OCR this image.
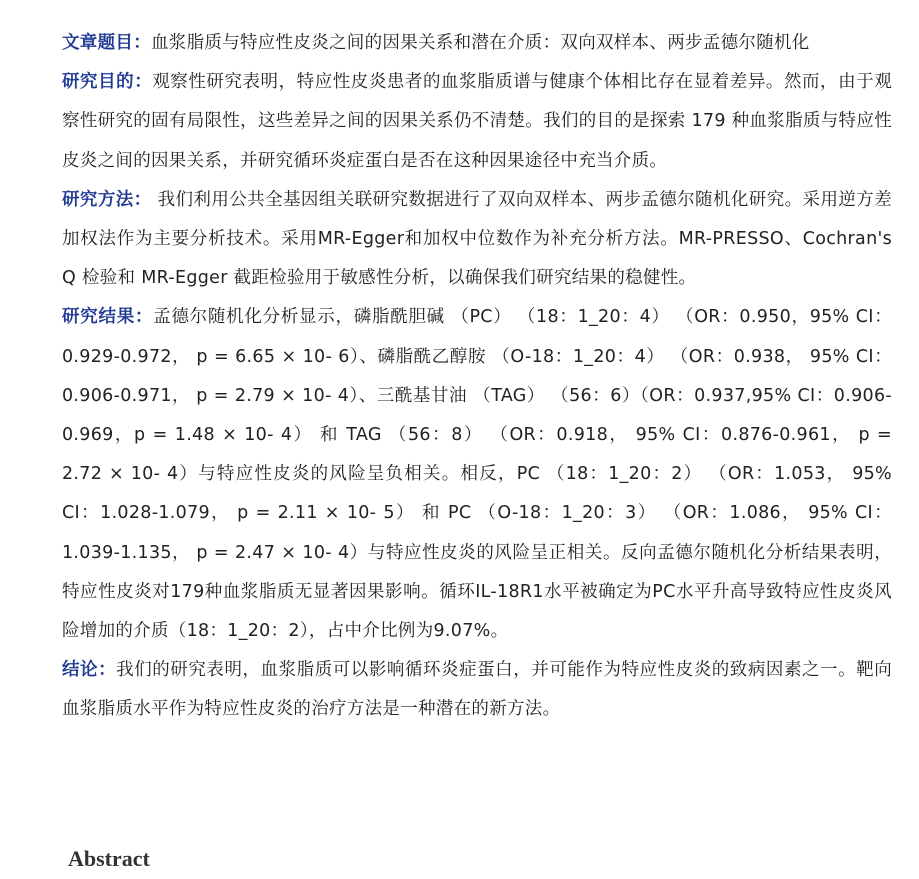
文章题目：血浆脂质与特应性皮炎之间的因果关系和潜在介质：双向双样本、两步孟德尔随机化

研究目的：观察性研究表明，特应性皮炎患者的血浆脂质谱与健康个体相比存在显着差异。然而，由于观察性研究的固有局限性，这些差异之间的因果关系仍不清楚。我们的目的是探索 179 种血浆脂质与特应性皮炎之间的因果关系，并研究循环炎症蛋白是否在这种因果途径中充当介质。

研究方法： 我们利用公共全基因组关联研究数据进行了双向双样本、两步孟德尔随机化研究。采用逆方差加权法作为主要分析技术。采用MR-Egger和加权中位数作为补充分析方法。MR-PRESSO、Cochran's Q 检验和 MR-Egger 截距检验用于敏感性分析，以确保我们研究结果的稳健性。

研究结果：孟德尔随机化分析显示，磷脂酰胆碱 （PC） （18：1_20：4） （OR：0.950，95% CI：0.929-0.972， p = 6.65 × 10- 6）、磷脂酰乙醇胺 （O-18：1_20：4） （OR：0.938， 95% CI：0.906-0.971， p = 2.79 × 10- 4）、三酰基甘油 （TAG） （56：6）（OR：0.937,95% CI：0.906-0.969，p = 1.48 × 10- 4） 和 TAG （56：8） （OR：0.918， 95% CI：0.876-0.961， p = 2.72 × 10- 4）与特应性皮炎的风险呈负相关。相反，PC （18：1_20：2） （OR：1.053， 95% CI：1.028-1.079， p = 2.11 × 10- 5） 和 PC （O-18：1_20：3） （OR：1.086， 95% CI：1.039-1.135， p = 2.47 × 10- 4）与特应性皮炎的风险呈正相关。反向孟德尔随机化分析结果表明，特应性皮炎对179种血浆脂质无显著因果影响。循环IL-18R1水平被确定为PC水平升高导致特应性皮炎风险增加的介质（18：1_20：2），占中介比例为9.07%。

结论：我们的研究表明，血浆脂质可以影响循环炎症蛋白，并可能作为特应性皮炎的致病因素之一。靶向血浆脂质水平作为特应性皮炎的治疗方法是一种潜在的新方法。

Abstract
